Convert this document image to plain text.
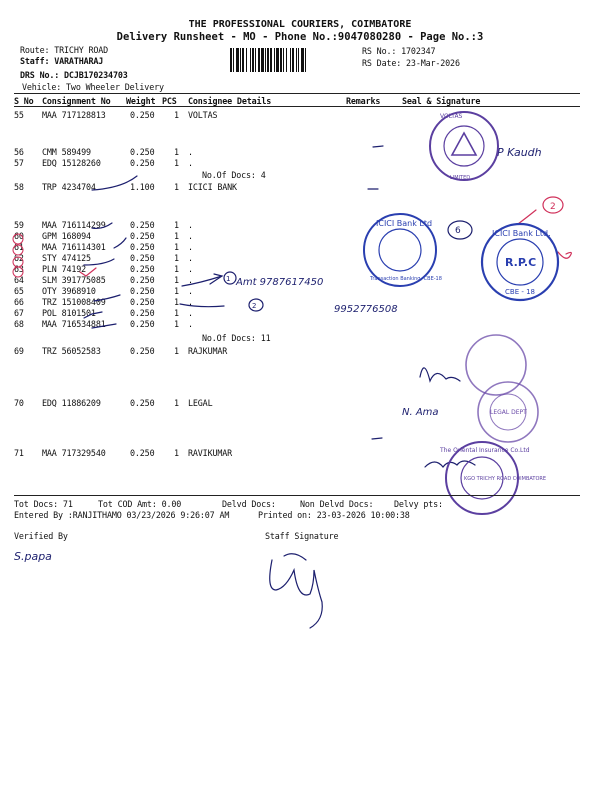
THE PROFESSIONAL COURIERS, COIMBATORE
Delivery Runsheet - MO - Phone No.:9047080280 - Page No.:3
Route: TRICHY ROAD
Staff: VARATHARAJ
DRS No.: DCJB170234703
Vehicle: Two Wheeler Delivery
RS No.: 1702347
RS Date: 23-Mar-2026
S No Consignment No Weight PCS Consignee Details	Remarks	Seal & Signature
55 MAA 717128813	0.250 1 VOLTAS
56 CMM 589499	0.250 1 .
57 EDQ 15128260	0.250 1 .
58 TRP 4234704	1.100 1 ICICI BANK
59 MAA 716114299	0.250 1 .
60 GPM 168094	0.250 1 .
61 MAA 716114301	0.250 1 .
62 STY 474125	0.250 1 .
63 PLN 74192	0.250 1 .
64 SLM 391775085	0.250 1 .
65 OTY 3968910	0.250 1 .
66 TRZ 151008409	0.250 1 .
67 POL 8101501	0.250 1 .
68 MAA 716534881	0.250 1 .
69 TRZ 56052583	0.250 1 RAJKUMAR
70 EDQ 11886209	0.250 1 LEGAL
71 MAA 717329540	0.250 1 RAVIKUMAR
No.Of Docs: 4
No.Of Docs: 11
Tot Docs: 71	Tot COD Amt: 0.00	Delvd Docs:	Non Delvd Docs: Delvy pts:
Entered By :RANJITHAMO 03/23/2026 9:26:07 AM	Printed on: 23-03-2026 10:00:38
Verified By	Staff Signature
P Kaudh
1
2
6
2
Amt 9787617450
9952776508
N. Ama
S.papa
VOLTAS
LIMITED
ICICI Bank Ltd
Transaction Banking, CBE-18
ICICI Bank Ltd.
R.P.C
CBE - 18
LEGAL DEPT
The Oriental Insurance Co.Ltd
KGO TRICHY ROAD COIMBATORE
